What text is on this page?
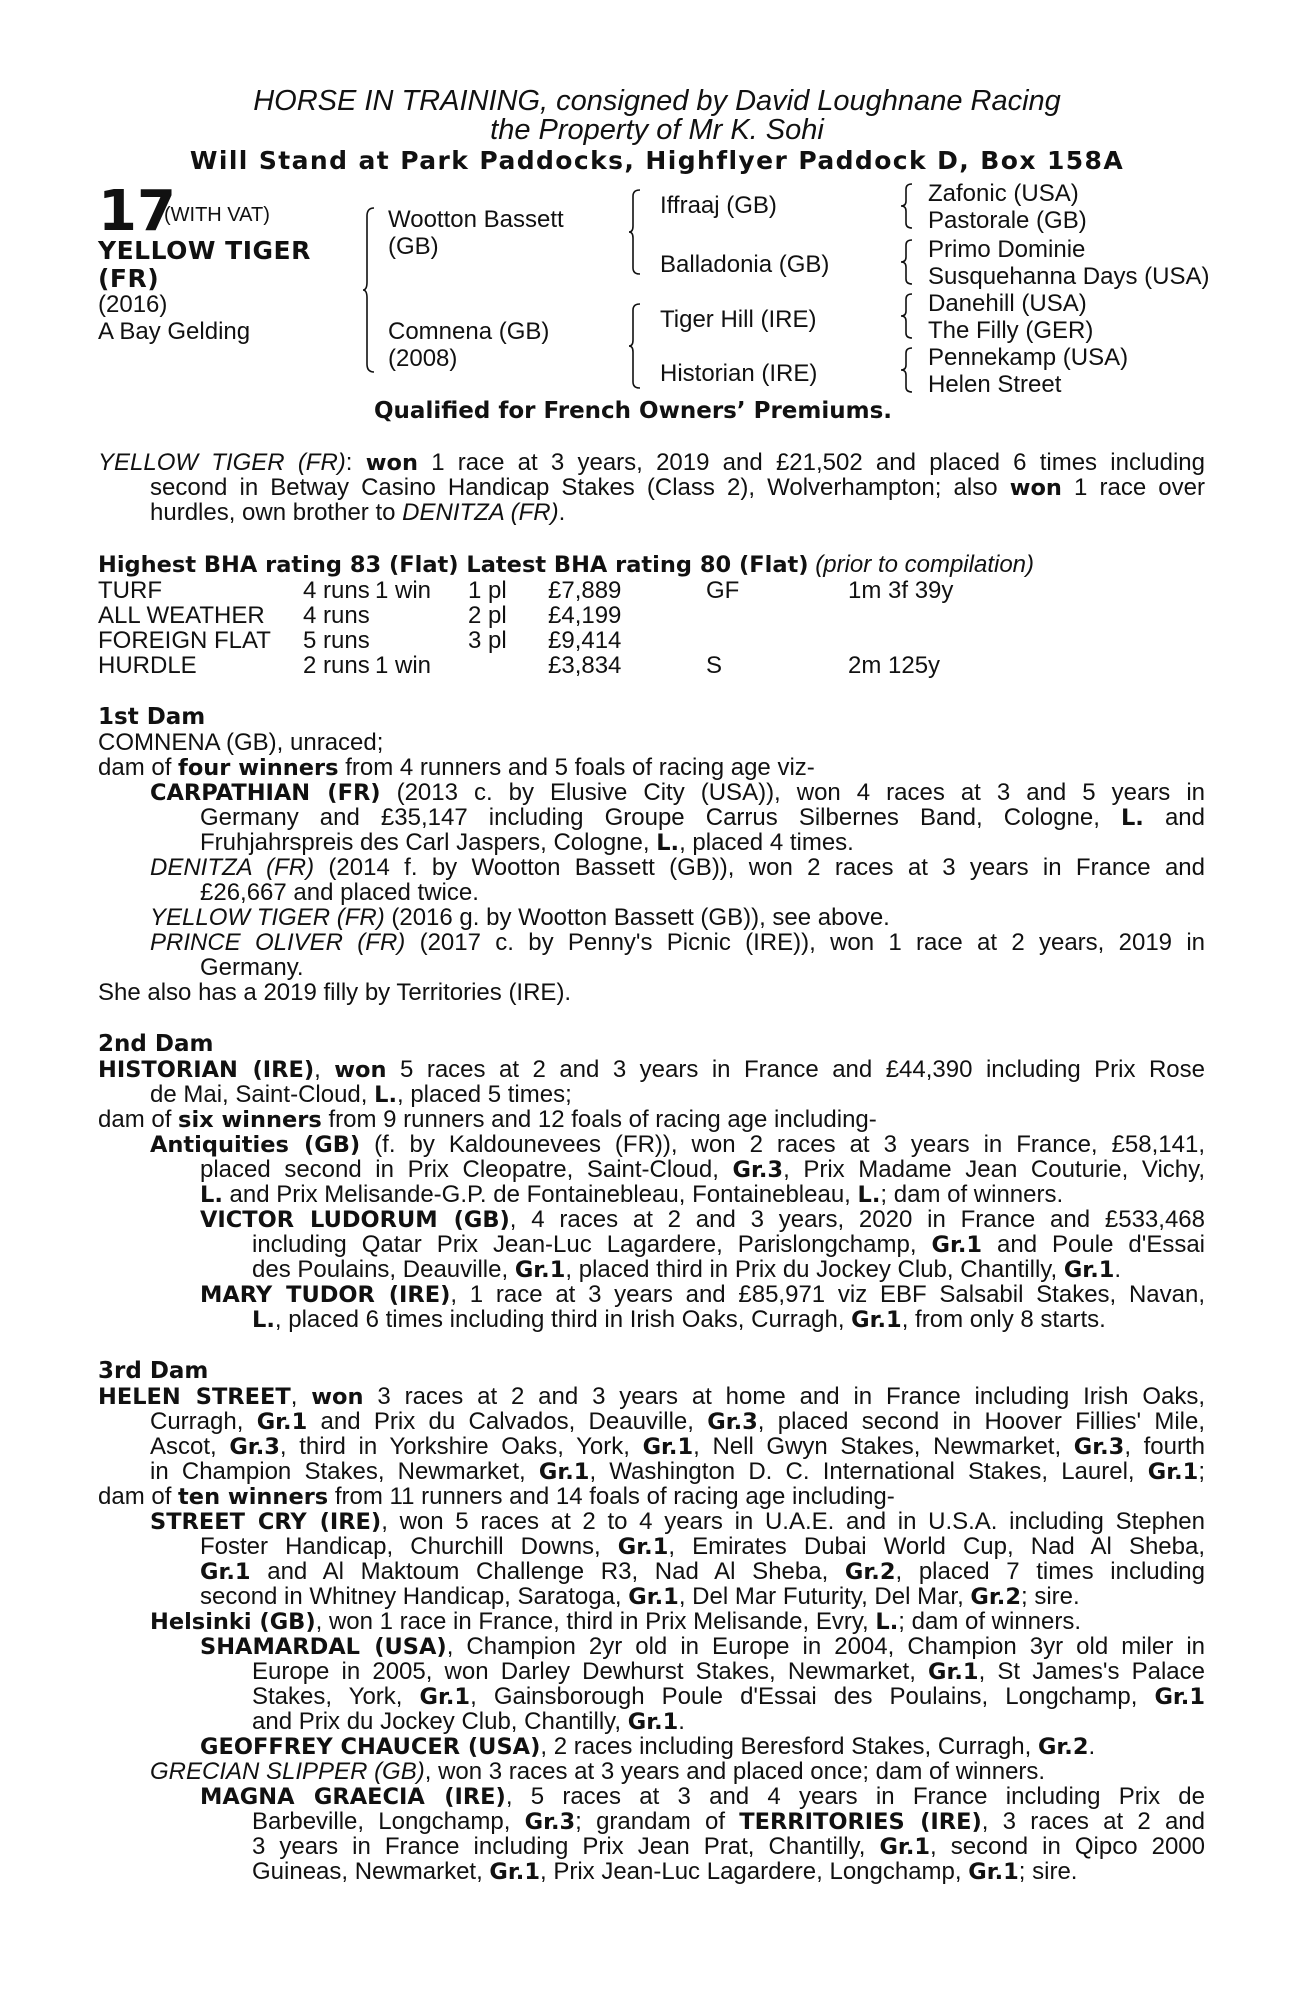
HORSE IN TRAINING, consigned by David Loughnane Racing
the Property of Mr K. Sohi
Will Stand at Park Paddocks, Highflyer Paddock D, Box 158A
17
(WITH VAT)
YELLOW TIGER
(FR)
(2016)
A Bay Gelding
Wootton Bassett
(GB)
Comnena (GB)
(2008)
Iffraaj (GB)
Balladonia (GB)
Tiger Hill (IRE)
Historian (IRE)
Zafonic (USA)
Pastorale (GB)
Primo Dominie
Susquehanna Days (USA)
Danehill (USA)
The Filly (GER)
Pennekamp (USA)
Helen Street
Qualified for French Owners’ Premiums.
YELLOW TIGER (FR): won 1 race at 3 years, 2019 and £21,502 and placed 6 times including
second in Betway Casino Handicap Stakes (Class 2), Wolverhampton; also won 1 race over
hurdles, own brother to DENITZA (FR).
Highest BHA rating 83 (Flat) Latest BHA rating 80 (Flat) (prior to compilation)
TURF	4 runs 1 win 1 pl £7,889	GF	1m 3f 39y
ALL WEATHER 4 runs	2 pl £4,199
FOREIGN FLAT 5 runs	3 pl £9,414
HURDLE	2 runs 1 win	£3,834	S	2m 125y
1st Dam
COMNENA (GB), unraced;
dam of four winners from 4 runners and 5 foals of racing age viz-
CARPATHIAN (FR) (2013 c. by Elusive City (USA)), won 4 races at 3 and 5 years in
Germany and £35,147 including Groupe Carrus Silbernes Band, Cologne, L. and
Fruhjahrspreis des Carl Jaspers, Cologne, L., placed 4 times.
DENITZA (FR) (2014 f. by Wootton Bassett (GB)), won 2 races at 3 years in France and
£26,667 and placed twice.
YELLOW TIGER (FR) (2016 g. by Wootton Bassett (GB)), see above.
PRINCE OLIVER (FR) (2017 c. by Penny's Picnic (IRE)), won 1 race at 2 years, 2019 in
Germany.
She also has a 2019 filly by Territories (IRE).
2nd Dam
HISTORIAN (IRE), won 5 races at 2 and 3 years in France and £44,390 including Prix Rose
de Mai, Saint-Cloud, L., placed 5 times;
dam of six winners from 9 runners and 12 foals of racing age including-
Antiquities (GB) (f. by Kaldounevees (FR)), won 2 races at 3 years in France, £58,141,
placed second in Prix Cleopatre, Saint-Cloud, Gr.3, Prix Madame Jean Couturie, Vichy,
L. and Prix Melisande-G.P. de Fontainebleau, Fontainebleau, L.; dam of winners.
VICTOR LUDORUM (GB), 4 races at 2 and 3 years, 2020 in France and £533,468
including Qatar Prix Jean-Luc Lagardere, Parislongchamp, Gr.1 and Poule d'Essai
des Poulains, Deauville, Gr.1, placed third in Prix du Jockey Club, Chantilly, Gr.1.
MARY TUDOR (IRE), 1 race at 3 years and £85,971 viz EBF Salsabil Stakes, Navan,
L., placed 6 times including third in Irish Oaks, Curragh, Gr.1, from only 8 starts.
3rd Dam
HELEN STREET, won 3 races at 2 and 3 years at home and in France including Irish Oaks,
Curragh, Gr.1 and Prix du Calvados, Deauville, Gr.3, placed second in Hoover Fillies' Mile,
Ascot, Gr.3, third in Yorkshire Oaks, York, Gr.1, Nell Gwyn Stakes, Newmarket, Gr.3, fourth
in Champion Stakes, Newmarket, Gr.1, Washington D. C. International Stakes, Laurel, Gr.1;
dam of ten winners from 11 runners and 14 foals of racing age including-
STREET CRY (IRE), won 5 races at 2 to 4 years in U.A.E. and in U.S.A. including Stephen
Foster Handicap, Churchill Downs, Gr.1, Emirates Dubai World Cup, Nad Al Sheba,
Gr.1 and Al Maktoum Challenge R3, Nad Al Sheba, Gr.2, placed 7 times including
second in Whitney Handicap, Saratoga, Gr.1, Del Mar Futurity, Del Mar, Gr.2; sire.
Helsinki (GB), won 1 race in France, third in Prix Melisande, Evry, L.; dam of winners.
SHAMARDAL (USA), Champion 2yr old in Europe in 2004, Champion 3yr old miler in
Europe in 2005, won Darley Dewhurst Stakes, Newmarket, Gr.1, St James's Palace
Stakes, York, Gr.1, Gainsborough Poule d'Essai des Poulains, Longchamp, Gr.1
and Prix du Jockey Club, Chantilly, Gr.1.
GEOFFREY CHAUCER (USA), 2 races including Beresford Stakes, Curragh, Gr.2.
GRECIAN SLIPPER (GB), won 3 races at 3 years and placed once; dam of winners.
MAGNA GRAECIA (IRE), 5 races at 3 and 4 years in France including Prix de
Barbeville, Longchamp, Gr.3; grandam of TERRITORIES (IRE), 3 races at 2 and
3 years in France including Prix Jean Prat, Chantilly, Gr.1, second in Qipco 2000
Guineas, Newmarket, Gr.1, Prix Jean-Luc Lagardere, Longchamp, Gr.1; sire.
